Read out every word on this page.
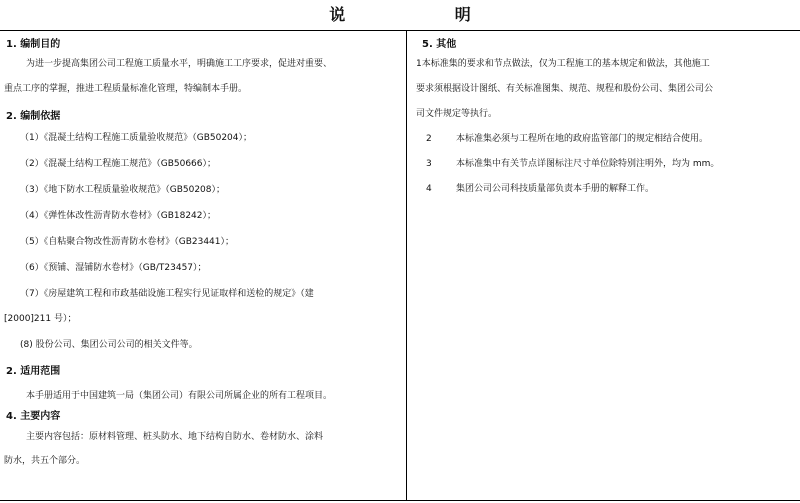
说 明
1. 编制目的
为进一步提高集团公司工程施工质量水平，明确施工工序要求，促进对重要、
重点工序的掌握，推进工程质量标准化管理，特编制本手册。
2. 编制依据
（1）《混凝土结构工程施工质量验收规范》（GB50204）；
（2）《混凝土结构工程施工规范》（GB50666）；
（3）《地下防水工程质量验收规范》（GB50208）；
（4）《弹性体改性沥青防水卷材》（GB18242）；
（5）《自粘聚合物改性沥青防水卷材》（GB23441）；
（6）《预铺、湿铺防水卷材》（GB/T23457）；
（7）《房屋建筑工程和市政基础设施工程实行见证取样和送检的规定》（建
[2000]211 号）；
(8) 股份公司、集团公司公司的相关文件等。
2. 适用范围
本手册适用于中国建筑一局（集团公司）有限公司所属企业的所有工程项目。
4. 主要内容
主要内容包括：原材料管理、桩头防水、地下结构自防水、卷材防水、涂料
防水，共五个部分。
5. 其他
1本标准集的要求和节点做法，仅为工程施工的基本规定和做法，其他施工
要求须根据设计图纸、有关标准图集、规范、规程和股份公司、集团公司公
司文件规定等执行。
2	本标准集必须与工程所在地的政府监管部门的规定相结合使用。
3	本标准集中有关节点详图标注尺寸单位除特别注明外，均为 mm。
4	集团公司公司科技质量部负责本手册的解释工作。
